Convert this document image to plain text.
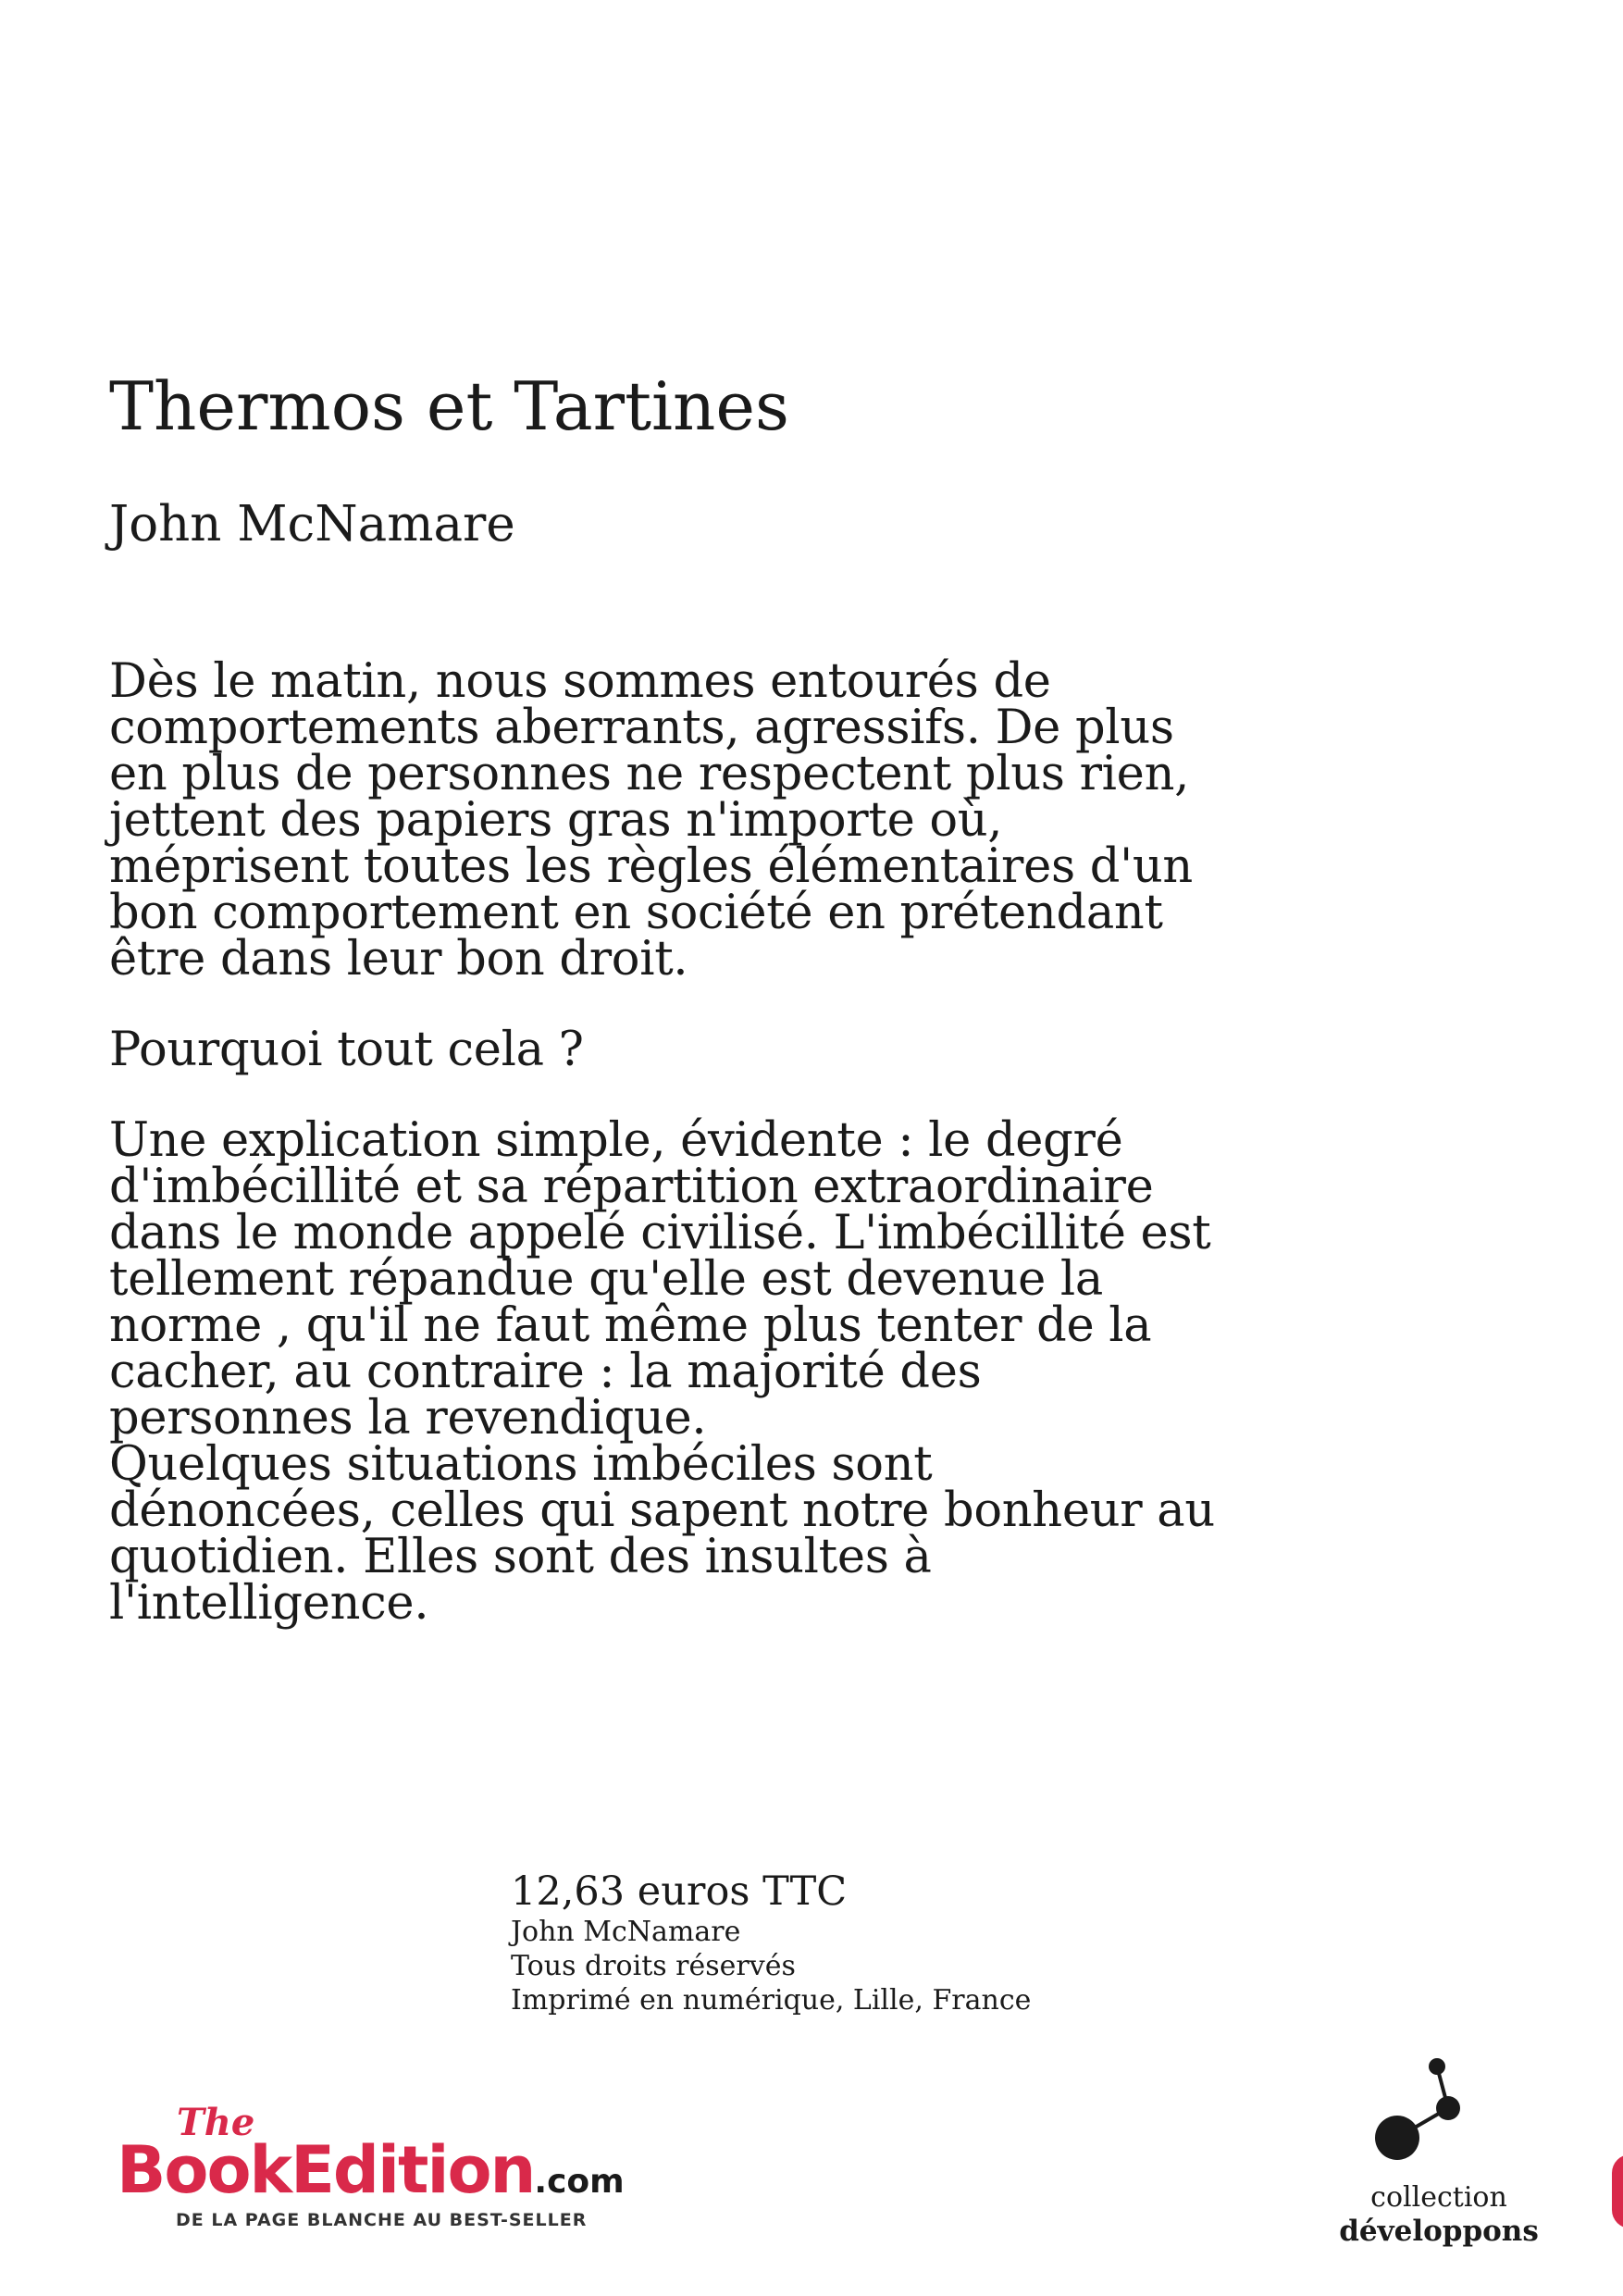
Thermos et Tartines
John McNamare

Dès le matin, nous sommes entourés de
comportements aberrants, agressifs. De plus
en plus de personnes ne respectent plus rien,
jettent des papiers gras n'importe où,
méprisent toutes les règles élémentaires d'un
bon comportement en société en prétendant
être dans leur bon droit.

Pourquoi tout cela ?

Une explication simple, évidente : le degré
d'imbécillité et sa répartition extraordinaire
dans le monde appelé civilisé. L'imbécillité est
tellement répandue qu'elle est devenue la
norme , qu'il ne faut même plus tenter de la
cacher, au contraire : la majorité des
personnes la revendique.
Quelques situations imbéciles sont
dénoncées, celles qui sapent notre bonheur au
quotidien. Elles sont des insultes à
l'intelligence.

12,63 euros TTC
John McNamare
Tous droits réservés
Imprimé en numérique, Lille, France
The
BookEdition.com
DE LA PAGE BLANCHE AU BEST-SELLER
collection
développons
